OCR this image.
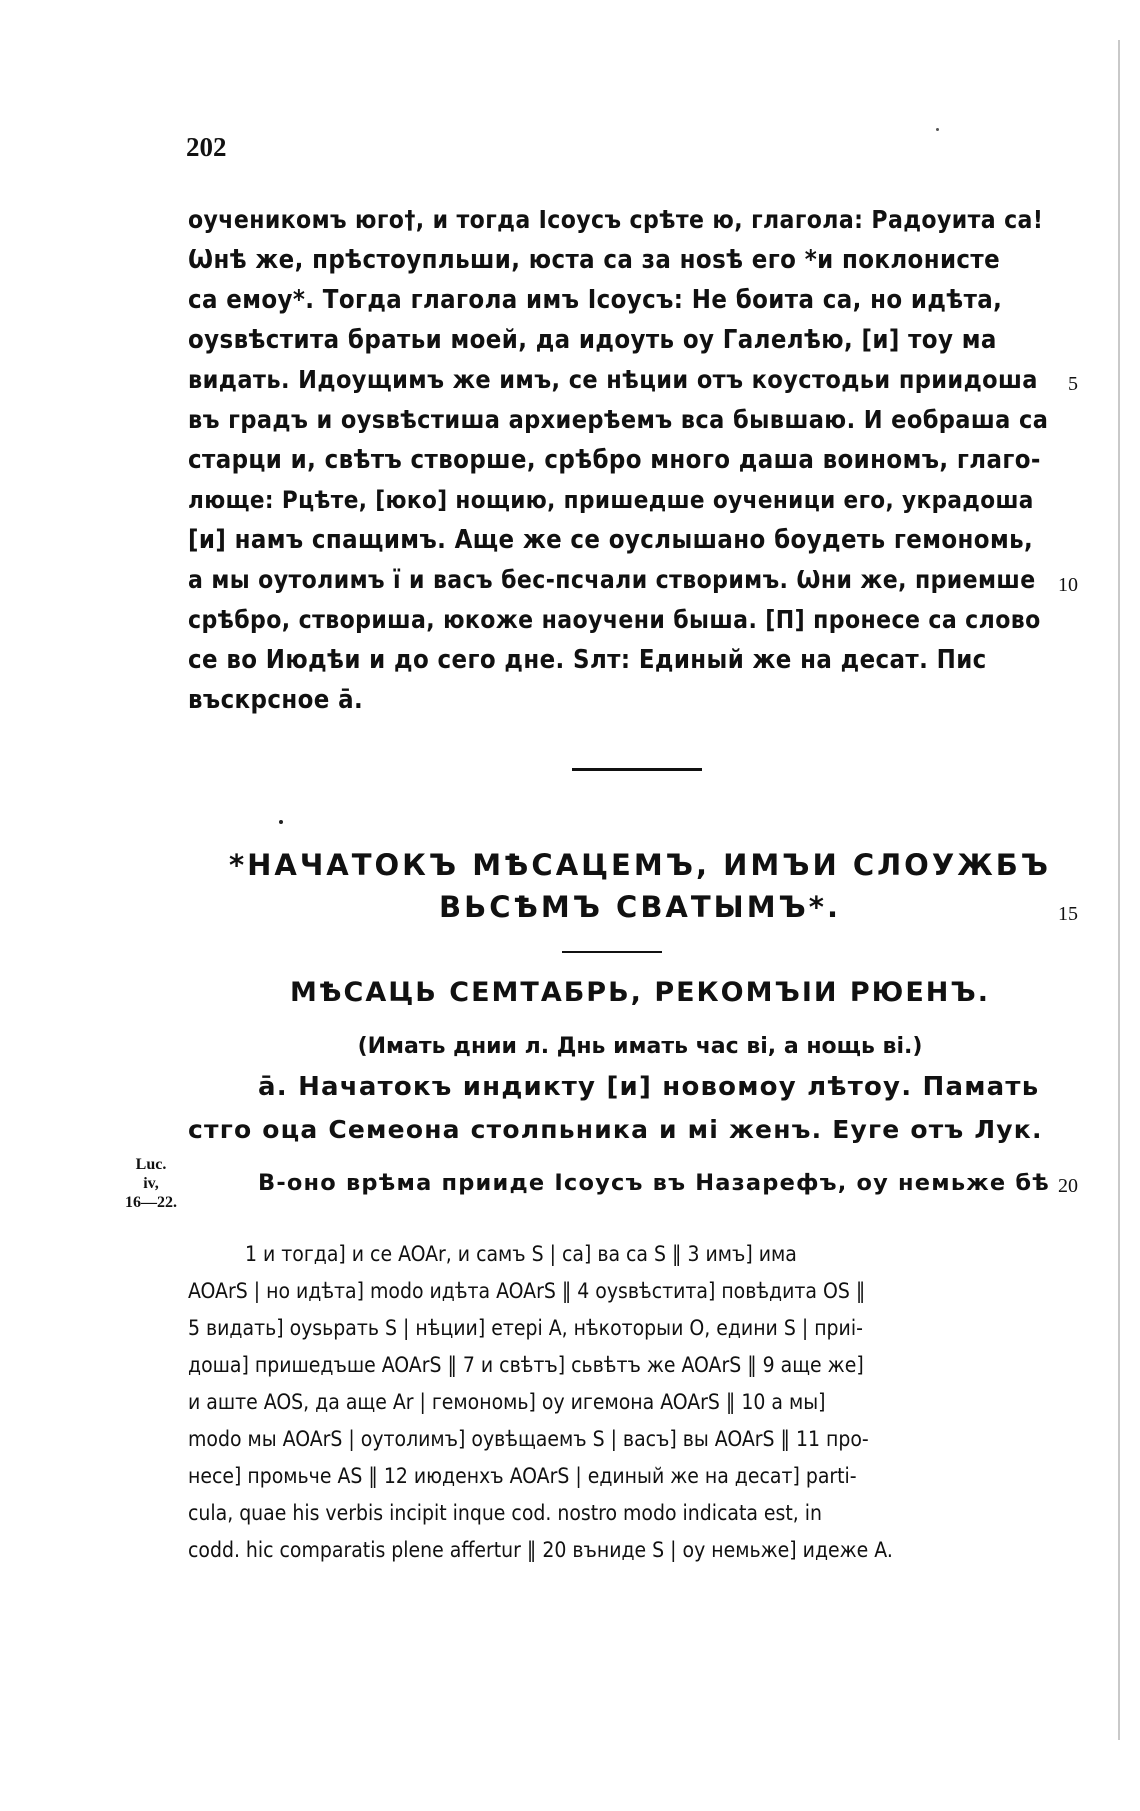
202
оученикомъ юго†, и тогда Ісоусъ срѣте ю, глагола: Радоуита са!
Ѡнѣ же, прѣстоупльши, юста са за ноѕѣ его *и поклонисте
са емоу*. Тогда глагола имъ Ісоусъ: Не боита са, но идѣта,
оуѕвѣстита братьи моей, да идоуть оу Галелѣю, [и] тоу ма
видать. Идоущимъ же имъ, се нѣции отъ коустодьи приидоша
въ градъ и оуѕвѣстиша архиерѣемъ вса бывшаю. И еобраша са
старци и, свѣтъ створше, срѣбро много даша воиномъ, глаго-
люще: Рцѣте, [юко] нощию, пришедше оученици его, украдоша
[и] намъ спащимъ. Аще же се оуслышано боудеть гемономь,
а мы оутолимъ ї и васъ бес-псчали створимъ. Ѡни же, приемше
срѣбро, створиша, юкоже наоучени быша. [П] пронесе са слово
се во Июдѣи и до сего дне. Ѕлт: Единый же на десат. Пис
въскрсное ā.
5
10
*НАЧАТОКЪ МѢСАЦЕМЪ, ИМЪИ СЛОУЖБЪ
ВЬСѢМЪ СВАТЫМЪ*.	15
МѢСАЦЬ СЕМТАБРЬ, РЕКОМЪІИ РЮЕНЪ.
(Имать днии л. Днь имать час ві, а нощь ві.)
ā. Начатокъ индикту [и] новомоу лѣтоу. Памать
стго оца Семеона столпьника и мі женъ. Еуге отъ Лук.
В-оно врѣма приидe Ісоусъ въ Назарефъ, оу немьже бѣ 20
Luc.
iv,
16—22.
1 и тогда] и се AOAr, и самъ S | са] ва са S ‖ 3 имъ] има
AOArS | но идѣта] modo идѣта AOArS ‖ 4 оуѕвѣстита] повѣдита OS ‖
5 видать] оуѕьрать S | нѣции] етері A, нѣкоторыи O, едини S | приі-
доша] пришедъше AOArS ‖ 7 и свѣтъ] сьвѣтъ же AOArS ‖ 9 аще же]
и аште AOS, да аще Ar | гемономь] оу игемона AOArS ‖ 10 а мы]
modo мы AOArS | оутолимъ] оувѣщаемъ S | васъ] вы AOArS ‖ 11 про-
несе] промьче AS ‖ 12 июденхъ AOArS | единый же на десат] parti-
cula, quae his verbis incipit inque cod. nostro modo indicata est, in
codd. hic comparatis plene affertur ‖ 20 вънидe S | оу немьже] идеже A.
